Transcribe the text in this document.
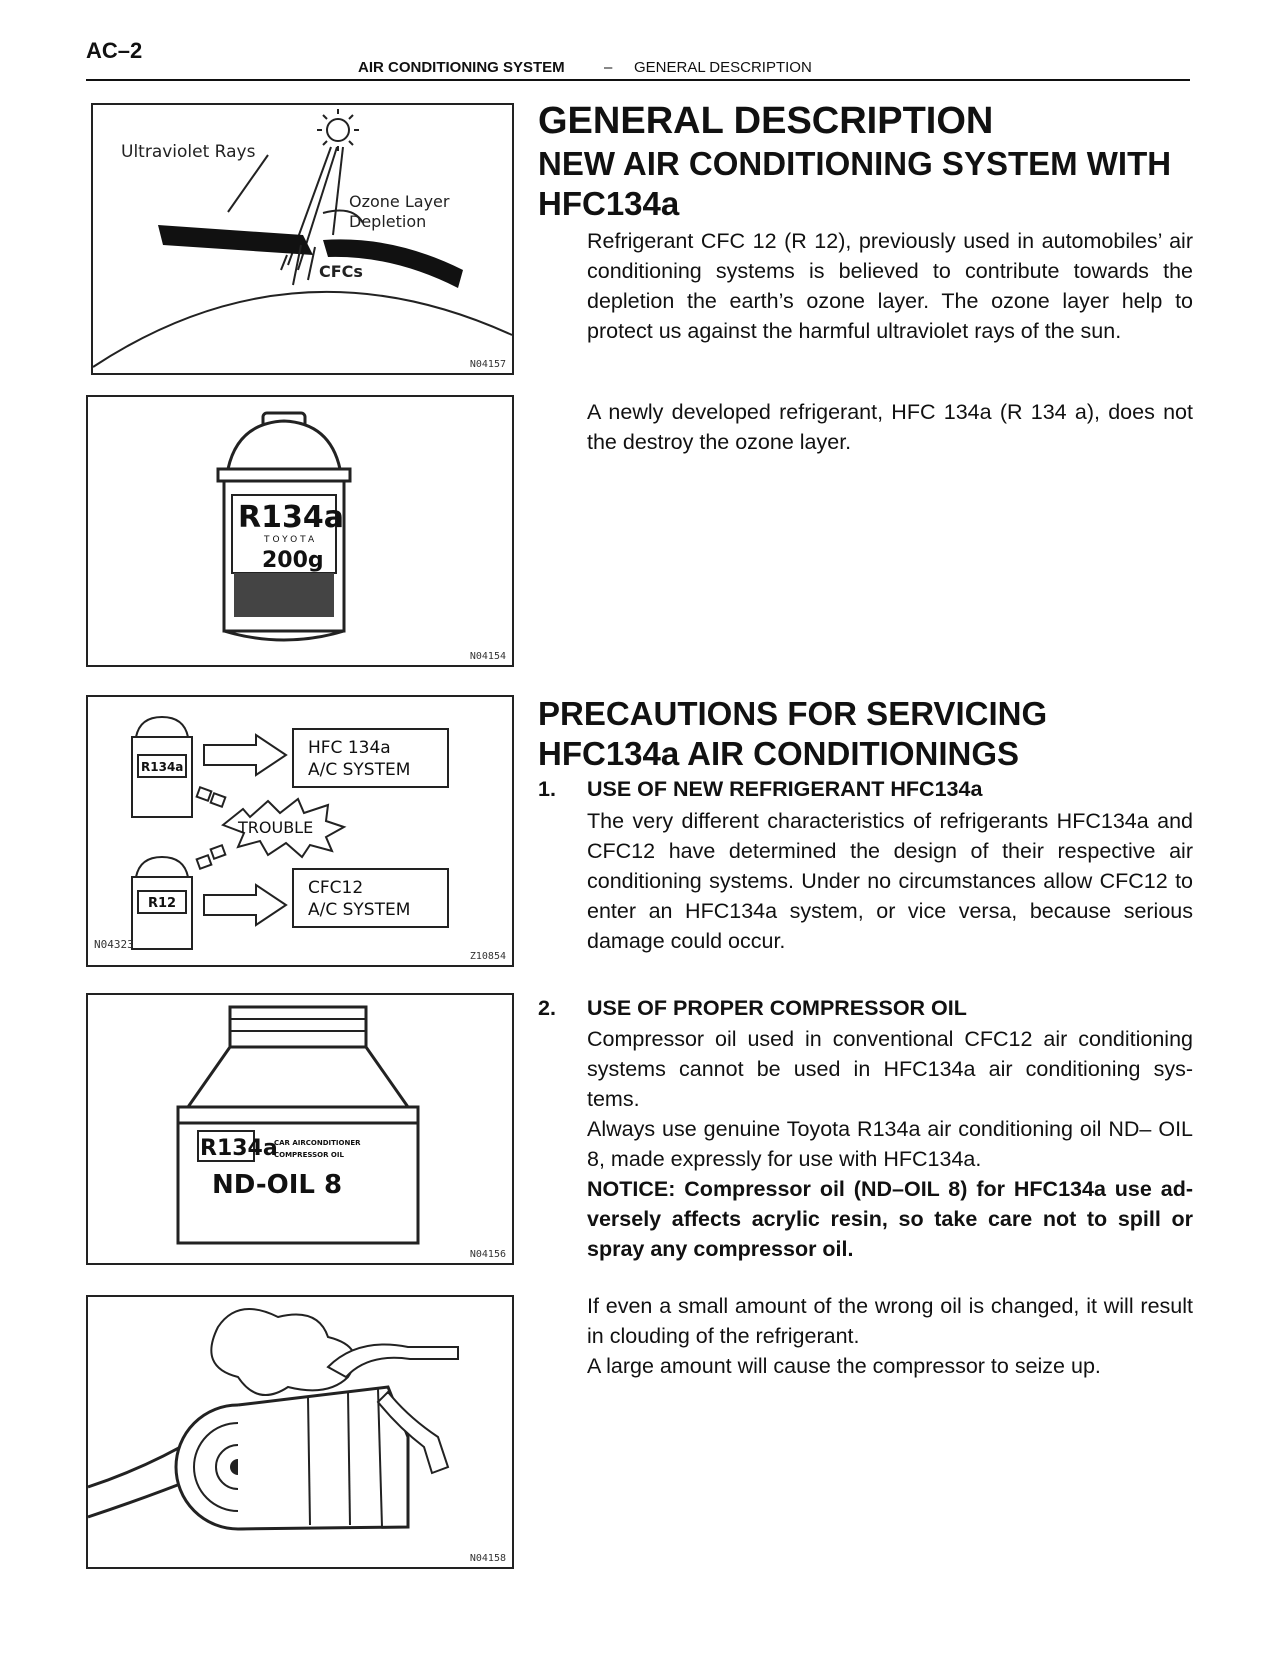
AC–2
AIR CONDITIONING SYSTEM	– GENERAL DESCRIPTION
Ultraviolet Rays
Ozone Layer
Depletion
CFCs
N04157
R134a
TOYOTA
200g
N04154
R134a
R12
HFC 134a
A/C SYSTEM
CFC12
A/C SYSTEM
TROUBLE
N04323
Z10854
R134a
CAR AIRCONDITIONER
COMPRESSOR OIL
ND-OIL 8
N04156
N04158
GENERAL DESCRIPTION
NEW AIR CONDITIONING SYSTEM WITH
HFC134a

Refrigerant CFC 12 (R 12), previously used in automobiles’ air conditioning systems is believed to contribute towards the depletion the earth’s ozone layer. The ozone layer help to protect us against the harmful ultraviolet rays of the sun.

A newly developed refrigerant, HFC 134a (R 134 a), does not the destroy the ozone layer.

PRECAUTIONS FOR SERVICING
HFC134a AIR CONDITIONINGS
1. USE OF NEW REFRIGERANT HFC134a

The very different characteristics of refrigerants HFC134a and CFC12 have determined the design of their respective air conditioning systems. Under no circumstances allow CFC12 to enter an HFC134a system, or vice versa, because serious damage could occur.

2. USE OF PROPER COMPRESSOR OIL

Compressor oil used in conventional CFC12 air conditioning systems cannot be used in HFC134a air conditioning sys- tems.

Always use genuine Toyota R134a air conditioning oil ND– OIL 8, made expressly for use with HFC134a.

NOTICE: Compressor oil (ND–OIL 8) for HFC134a use ad- versely affects acrylic resin, so take care not to spill or spray any compressor oil.

If even a small amount of the wrong oil is changed, it will result in clouding of the refrigerant.

A large amount will cause the compressor to seize up.
